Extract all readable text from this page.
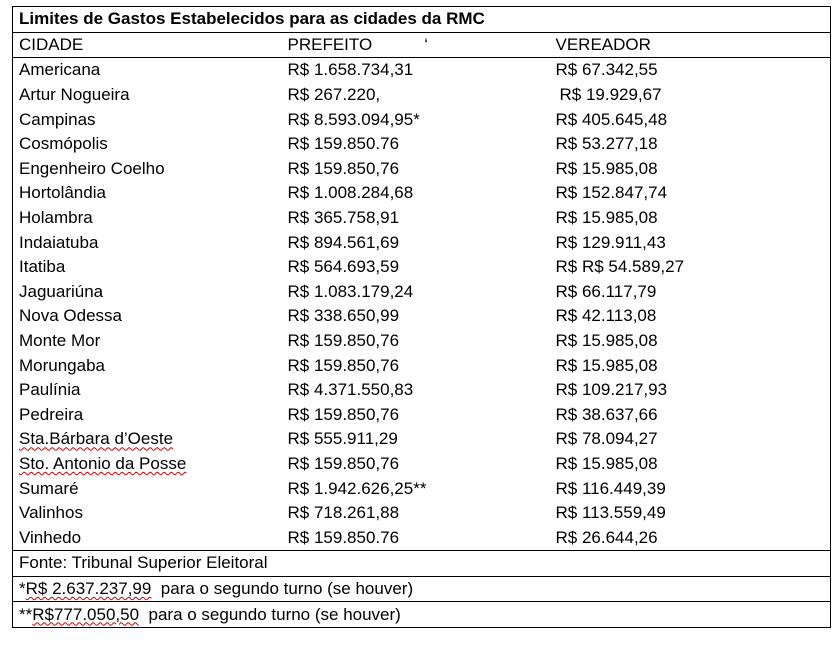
Limites de Gastos Estabelecidos para as cidades da RMC		
CIDADE	PREFEITO ‘	VEREADOR
Americana	R$ 1.658.734,31	R$ 67.342,55
Artur Nogueira	R$ 267.220,	R$ 19.929,67
Campinas	R$ 8.593.094,95*	R$ 405.645,48
Cosmópolis	R$ 159.850.76	R$ 53.277,18
Engenheiro Coelho	R$ 159.850,76	R$ 15.985,08
Hortolândia	R$ 1.008.284,68	R$ 152.847,74
Holambra	R$ 365.758,91	R$ 15.985,08
Indaiatuba	R$ 894.561,69	R$ 129.911,43
Itatiba	R$ 564.693,59	R$ R$ 54.589,27
Jaguariúna	R$ 1.083.179,24	R$ 66.117,79
Nova Odessa	R$ 338.650,99	R$ 42.113,08
Monte Mor	R$ 159.850,76	R$ 15.985,08
Morungaba	R$ 159.850,76	R$ 15.985,08
Paulínia	R$ 4.371.550,83	R$ 109.217,93
Pedreira	R$ 159.850,76	R$ 38.637,66
Sta.Bárbara d’Oeste	R$ 555.911,29	R$ 78.094,27
Sto. Antonio da Posse	R$ 159.850,76	R$ 15.985,08
Sumaré	R$ 1.942.626,25**	R$ 116.449,39
Valinhos	R$ 718.261,88	R$ 113.559,49
Vinhedo	R$ 159.850.76	R$ 26.644,26
Fonte: Tribunal Superior Eleitoral		
*R$ 2.637.237,99  para o segundo turno (se houver)		
**R$777.050,50  para o segundo turno (se houver)		
